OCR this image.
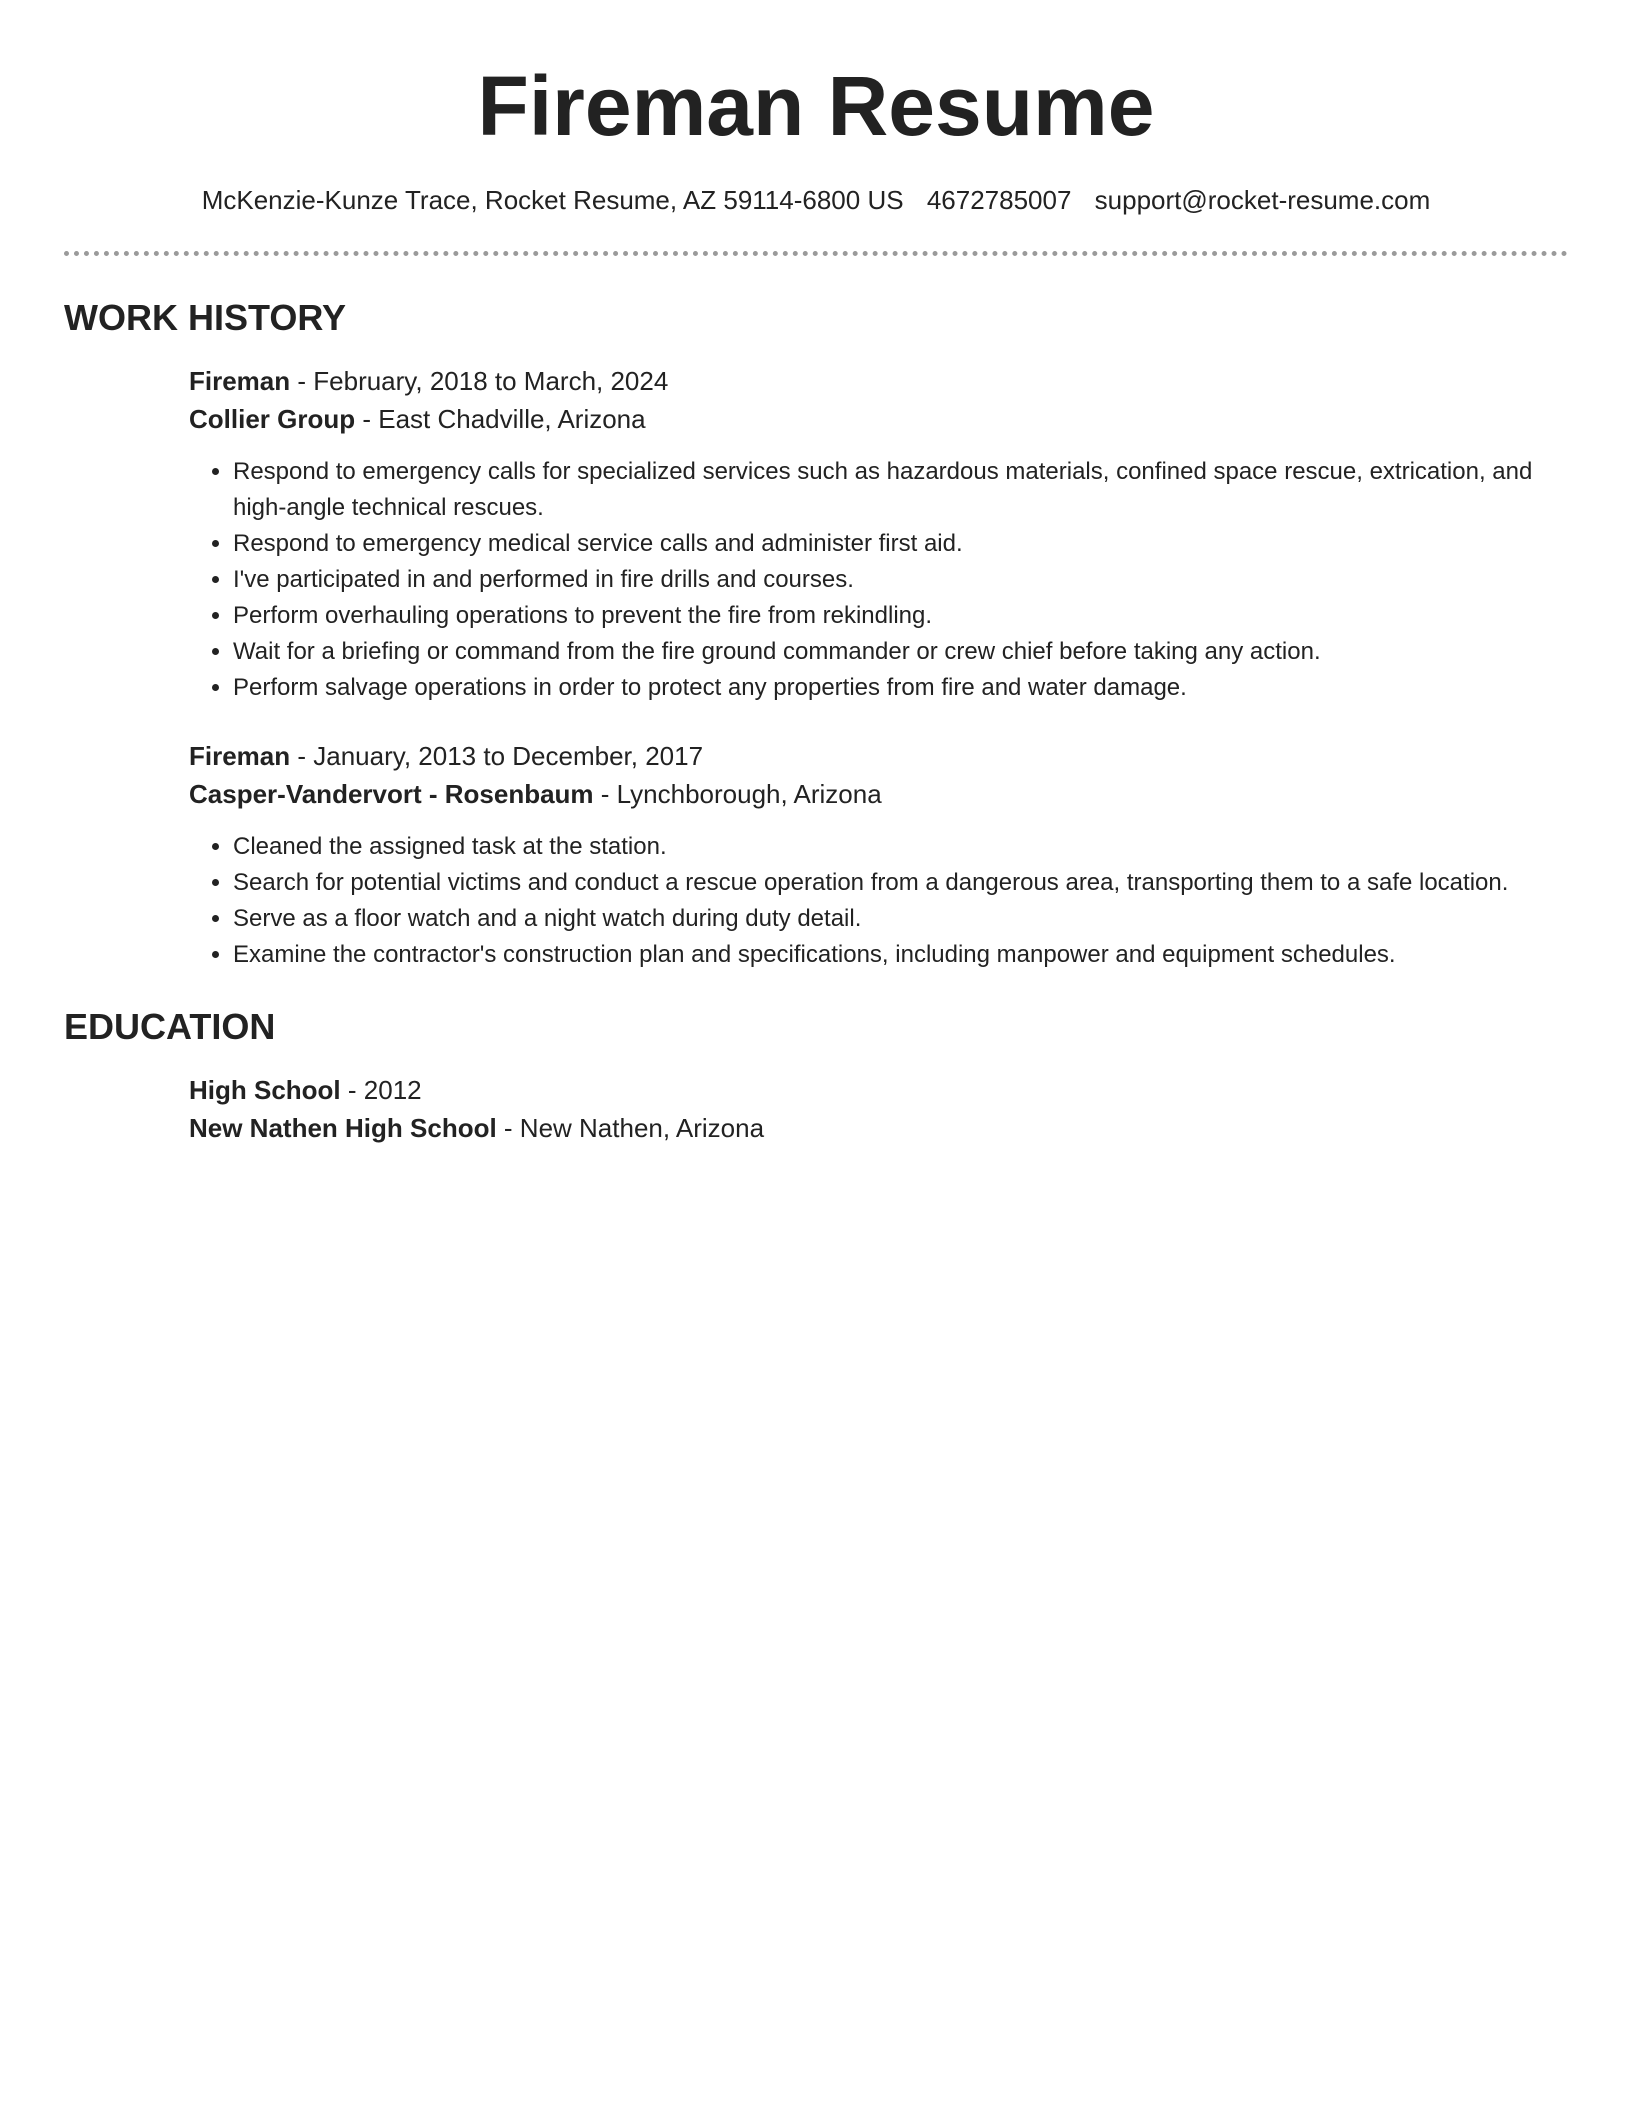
Fireman Resume
McKenzie-Kunze Trace, Rocket Resume, AZ 59114-6800 US 4672785007 support@rocket-resume.com
WORK HISTORY
Fireman - February, 2018 to March, 2024
Collier Group - East Chadville, Arizona
• Respond to emergency calls for specialized services such as hazardous materials, confined space rescue, extrication, and high-angle technical rescues.
• Respond to emergency medical service calls and administer first aid.
• I've participated in and performed in fire drills and courses.
• Perform overhauling operations to prevent the fire from rekindling.
• Wait for a briefing or command from the fire ground commander or crew chief before taking any action.
• Perform salvage operations in order to protect any properties from fire and water damage.
Fireman - January, 2013 to December, 2017
Casper-Vandervort - Rosenbaum - Lynchborough, Arizona
• Cleaned the assigned task at the station.
• Search for potential victims and conduct a rescue operation from a dangerous area, transporting them to a safe location.
• Serve as a floor watch and a night watch during duty detail.
• Examine the contractor's construction plan and specifications, including manpower and equipment schedules.
EDUCATION
High School - 2012
New Nathen High School - New Nathen, Arizona
